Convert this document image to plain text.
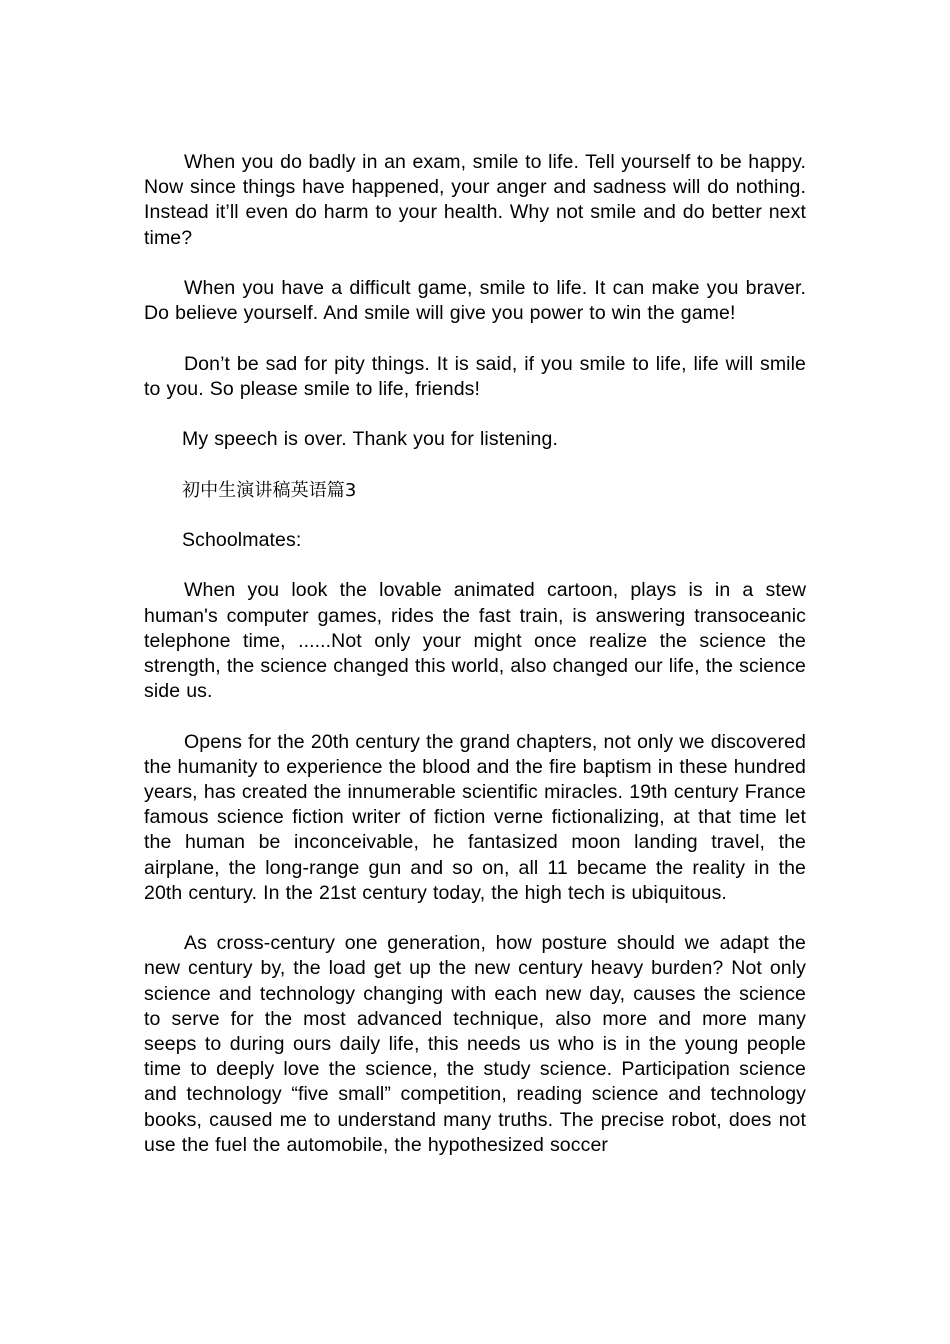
When you do badly in an exam, smile to life. Tell yourself to be happy. Now since things have happened, your anger and sadness will do nothing. Instead it’ll even do harm to your health. Why not smile and do better next time?

When you have a difficult game, smile to life. It can make you braver. Do believe yourself. And smile will give you power to win the game!

Don’t be sad for pity things. It is said, if you smile to life, life will smile to you. So please smile to life, friends!

My speech is over. Thank you for listening.

初中生演讲稿英语篇3

Schoolmates:

When you look the lovable animated cartoon, plays is in a stew human's computer games, rides the fast train, is answering transoceanic telephone time, ......Not only your might once realize the science the strength, the science changed this world, also changed our life, the science side us.

Opens for the 20th century the grand chapters, not only we discovered the humanity to experience the blood and the fire baptism in these hundred years, has created the innumerable scientific miracles. 19th century France famous science fiction writer of fiction verne fictionalizing, at that time let the human be inconceivable, he fantasized moon landing travel, the airplane, the long-range gun and so on, all 11 became the reality in the 20th century. In the 21st century today, the high tech is ubiquitous.

As cross-century one generation, how posture should we adapt the new century by, the load get up the new century heavy burden? Not only science and technology changing with each new day, causes the science to serve for the most advanced technique, also more and more many seeps to during ours daily life, this needs us who is in the young people time to deeply love the science, the study science. Participation science and technology “five small” competition, reading science and technology books, caused me to understand many truths. The precise robot, does not use the fuel the automobile, the hypothesized soccer
